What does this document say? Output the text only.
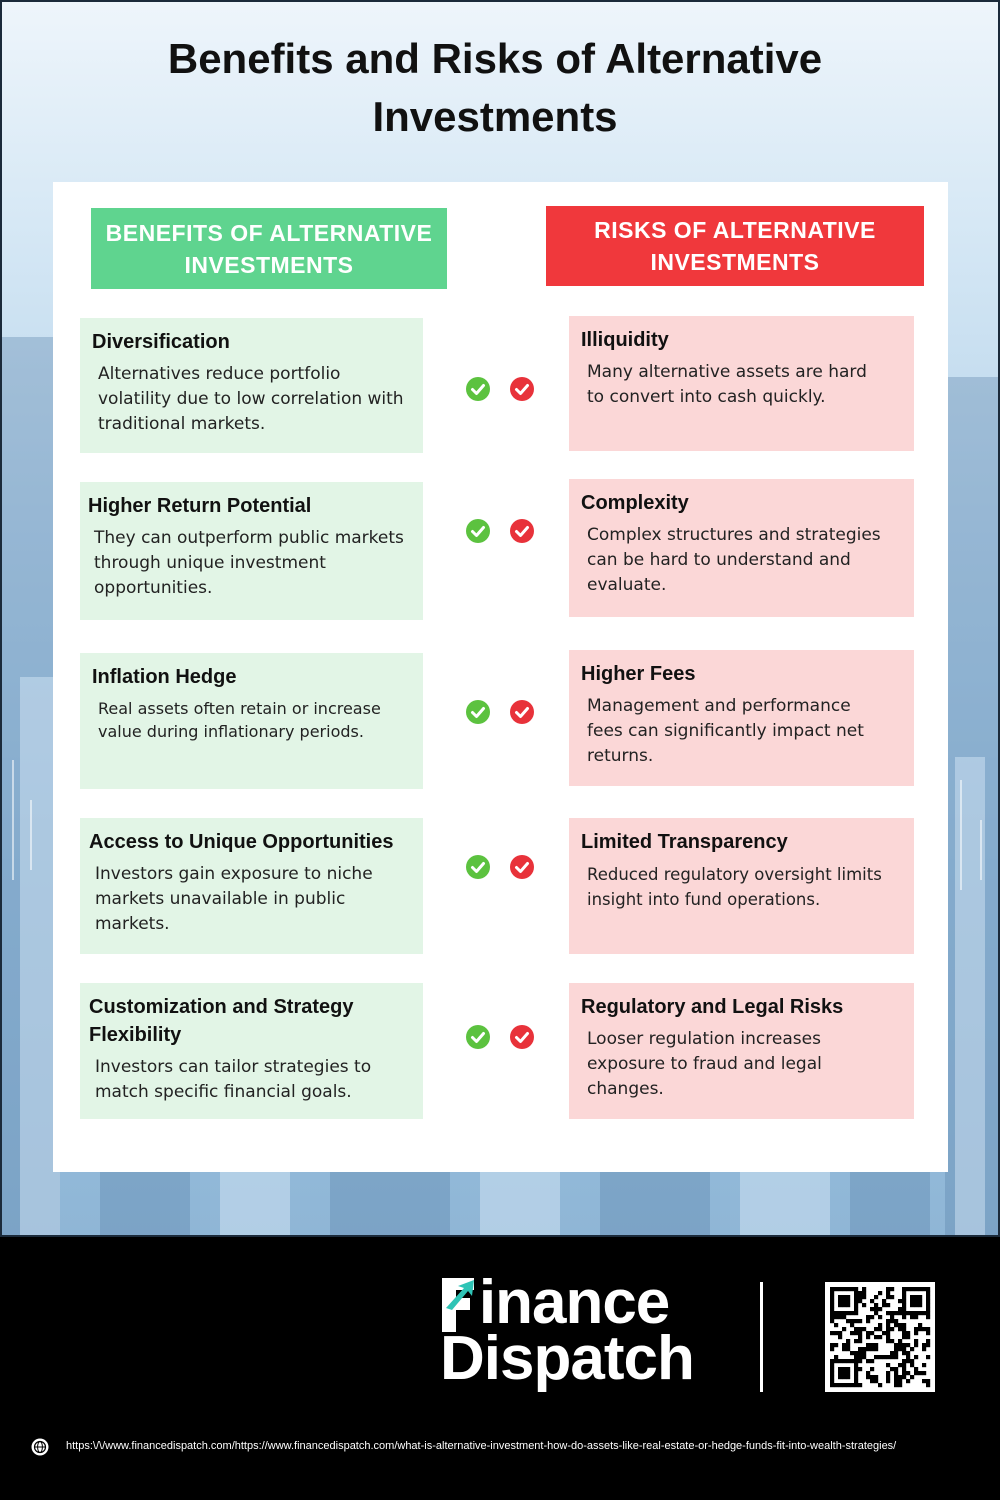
Benefits and Risks of Alternative Investments
BENEFITS OF ALTERNATIVE INVESTMENTS
RISKS OF ALTERNATIVE INVESTMENTS
Diversification

Alternatives reduce portfolio volatility due to low correlation with traditional markets.

Higher Return Potential

They can outperform public markets through unique investment opportunities.

Inflation Hedge

Real assets often retain or increase value during inflationary periods.

Access to Unique Opportunities

Investors gain exposure to niche markets unavailable in public markets.

Customization and Strategy Flexibility

Investors can tailor strategies to match specific financial goals.

Illiquidity

Many alternative assets are hard to convert into cash quickly.

Complexity

Complex structures and strategies can be hard to understand and evaluate.

Higher Fees

Management and performance fees can significantly impact net returns.

Limited Transparency

Reduced regulatory oversight limits insight into fund operations.

Regulatory and Legal Risks

Looser regulation increases exposure to fraud and legal changes.

inance
Dispatch
https:\/\/www.financedispatch.com/https://www.financedispatch.com/what-is-alternative-investment-how-do-assets-like-real-estate-or-hedge-funds-fit-into-wealth-strategies/
